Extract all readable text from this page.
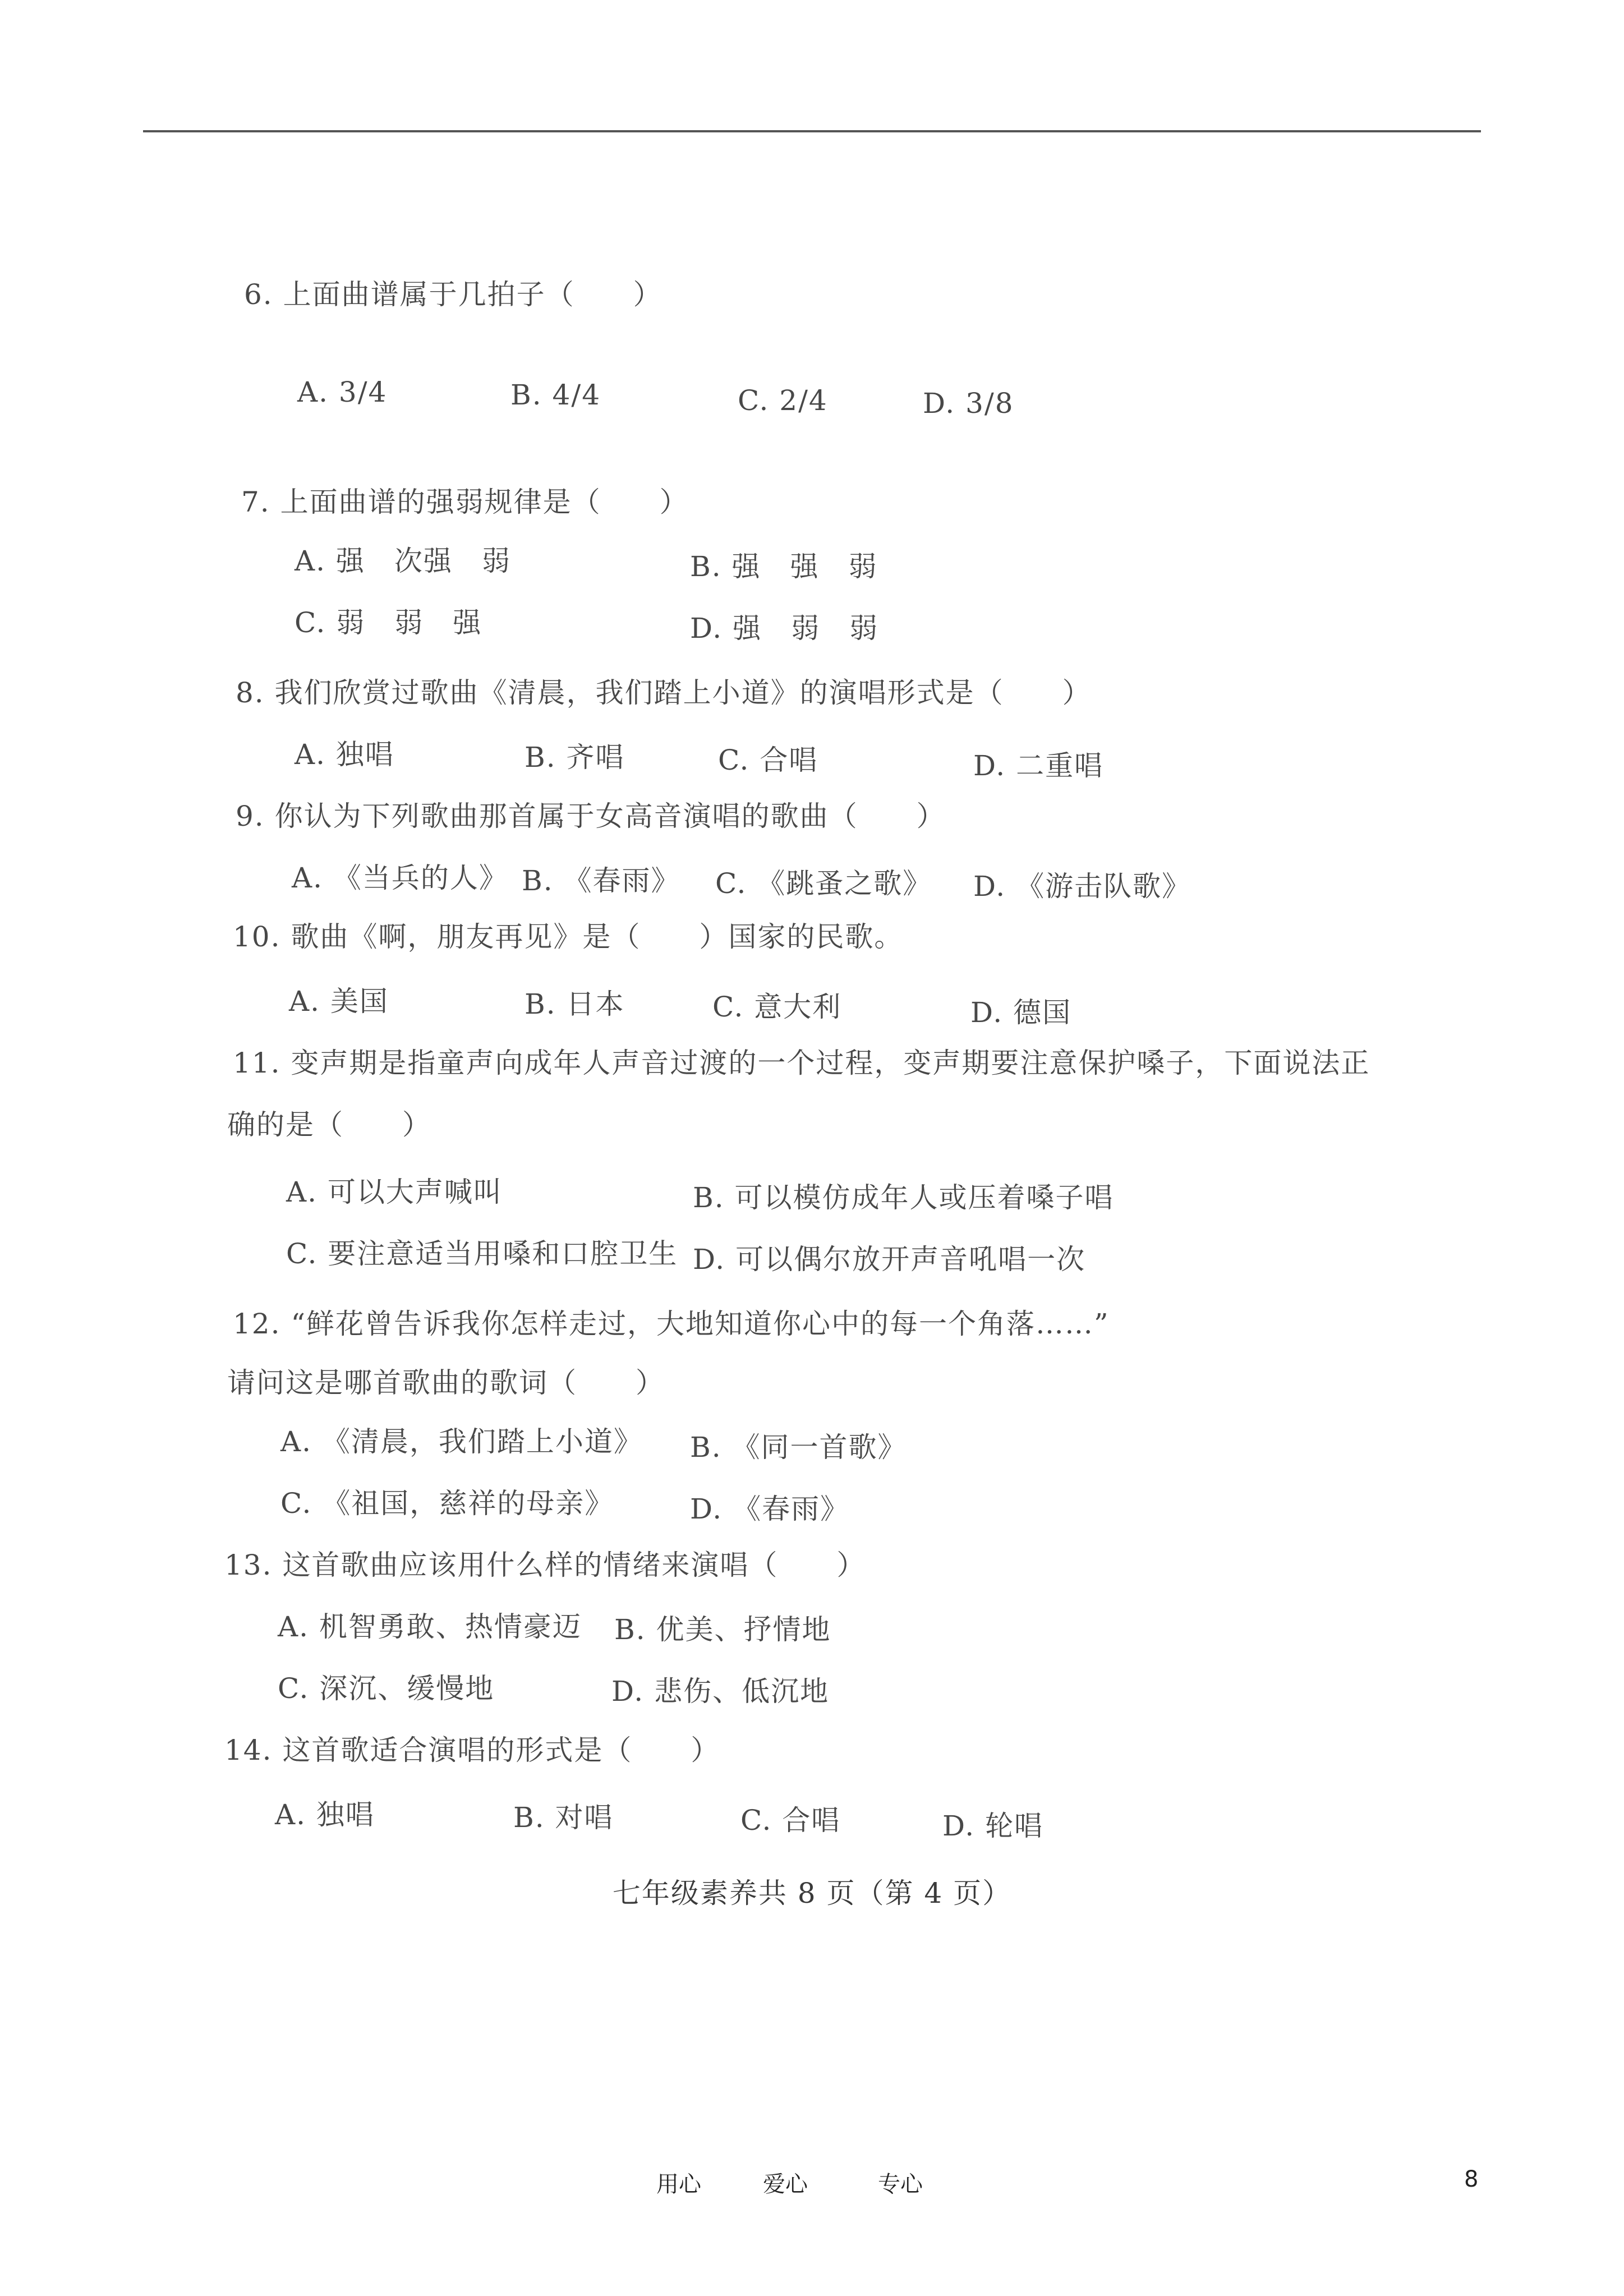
6. 上面曲谱属于几拍子（　　）
A. 3/4	B. 4/4	C. 2/4	D. 3/8
7. 上面曲谱的强弱规律是（　　）
A. 强　次强　弱	B. 强　强　弱
C. 弱　弱　强	D. 强　弱　弱
8. 我们欣赏过歌曲《清晨，我们踏上小道》的演唱形式是（　　）
A. 独唱	B. 齐唱	C. 合唱	D. 二重唱
9. 你认为下列歌曲那首属于女高音演唱的歌曲（　　）
A. 《当兵的人》 B. 《春雨》 C. 《跳蚤之歌》 D. 《游击队歌》
10. 歌曲《啊，朋友再见》是（　　）国家的民歌。
A. 美国	B. 日本	C. 意大利	D. 德国
11. 变声期是指童声向成年人声音过渡的一个过程，变声期要注意保护嗓子，下面说法正
确的是（　　）
A. 可以大声喊叫	B. 可以模仿成年人或压着嗓子唱
C. 要注意适当用嗓和口腔卫生 D. 可以偶尔放开声音吼唱一次
12. “鲜花曾告诉我你怎样走过，大地知道你心中的每一个角落……”
请问这是哪首歌曲的歌词（　　）
A. 《清晨，我们踏上小道》 B. 《同一首歌》
C. 《祖国，慈祥的母亲》	D. 《春雨》
13. 这首歌曲应该用什么样的情绪来演唱（　　）
A. 机智勇敢、热情豪迈 B. 优美、抒情地
C. 深沉、缓慢地	D. 悲伤、低沉地
14. 这首歌适合演唱的形式是（　　）
A. 独唱	B. 对唱	C. 合唱	D. 轮唱
七年级素养共 8 页（第 4 页）
用心	爱心	专心	8
